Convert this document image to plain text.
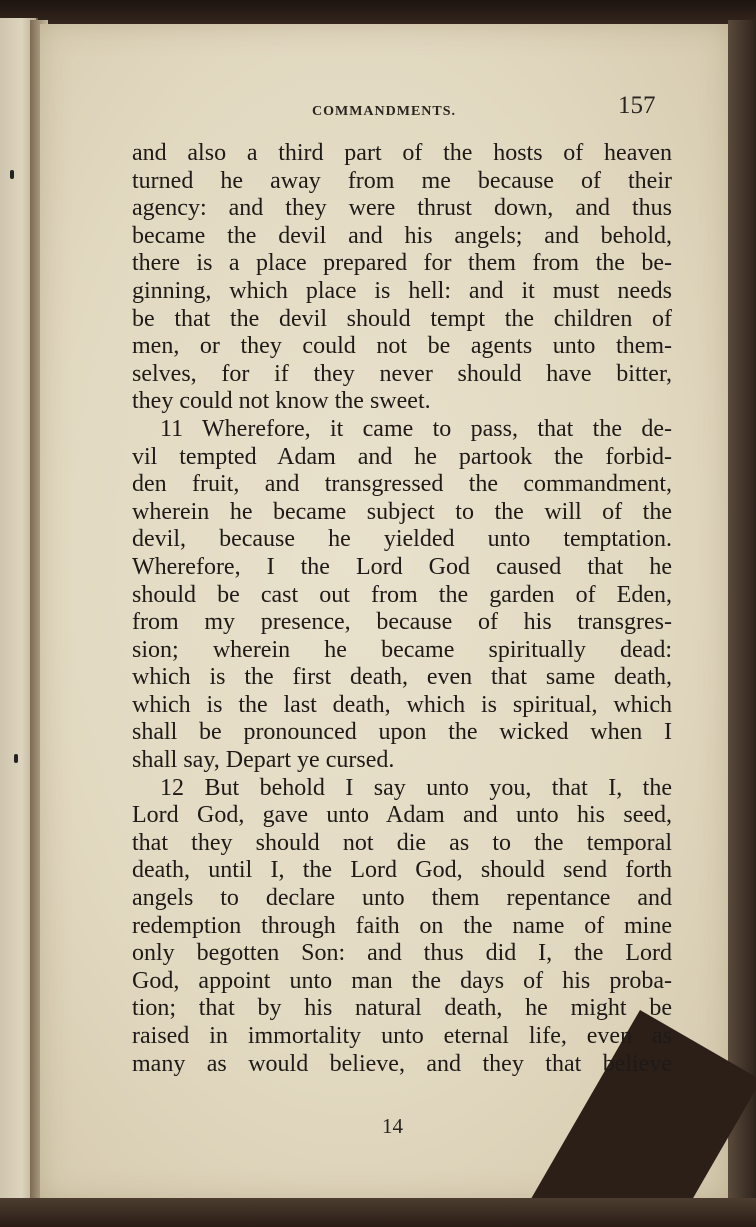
COMMANDMENTS.	157
and also a third part of the hosts of heaven
turned he away from me because of their
agency: and they were thrust down, and thus
became the devil and his angels; and behold,
there is a place prepared for them from the be-
ginning, which place is hell: and it must needs
be that the devil should tempt the children of
men, or they could not be agents unto them-
selves, for if they never should have bitter,
they could not know the sweet.
11 Wherefore, it came to pass, that the de-
vil tempted Adam and he partook the forbid-
den fruit, and transgressed the commandment,
wherein he became subject to the will of the
devil, because he yielded unto temptation.
Wherefore, I the Lord God caused that he
should be cast out from the garden of Eden,
from my presence, because of his transgres-
sion; wherein he became spiritually dead:
which is the first death, even that same death,
which is the last death, which is spiritual, which
shall be pronounced upon the wicked when I
shall say, Depart ye cursed.
12 But behold I say unto you, that I, the
Lord God, gave unto Adam and unto his seed,
that they should not die as to the temporal
death, until I, the Lord God, should send forth
angels to declare unto them repentance and
redemption through faith on the name of mine
only begotten Son: and thus did I, the Lord
God, appoint unto man the days of his proba-
tion; that by his natural death, he might be
raised in immortality unto eternal life, even as
many as would believe, and they that believe
14
